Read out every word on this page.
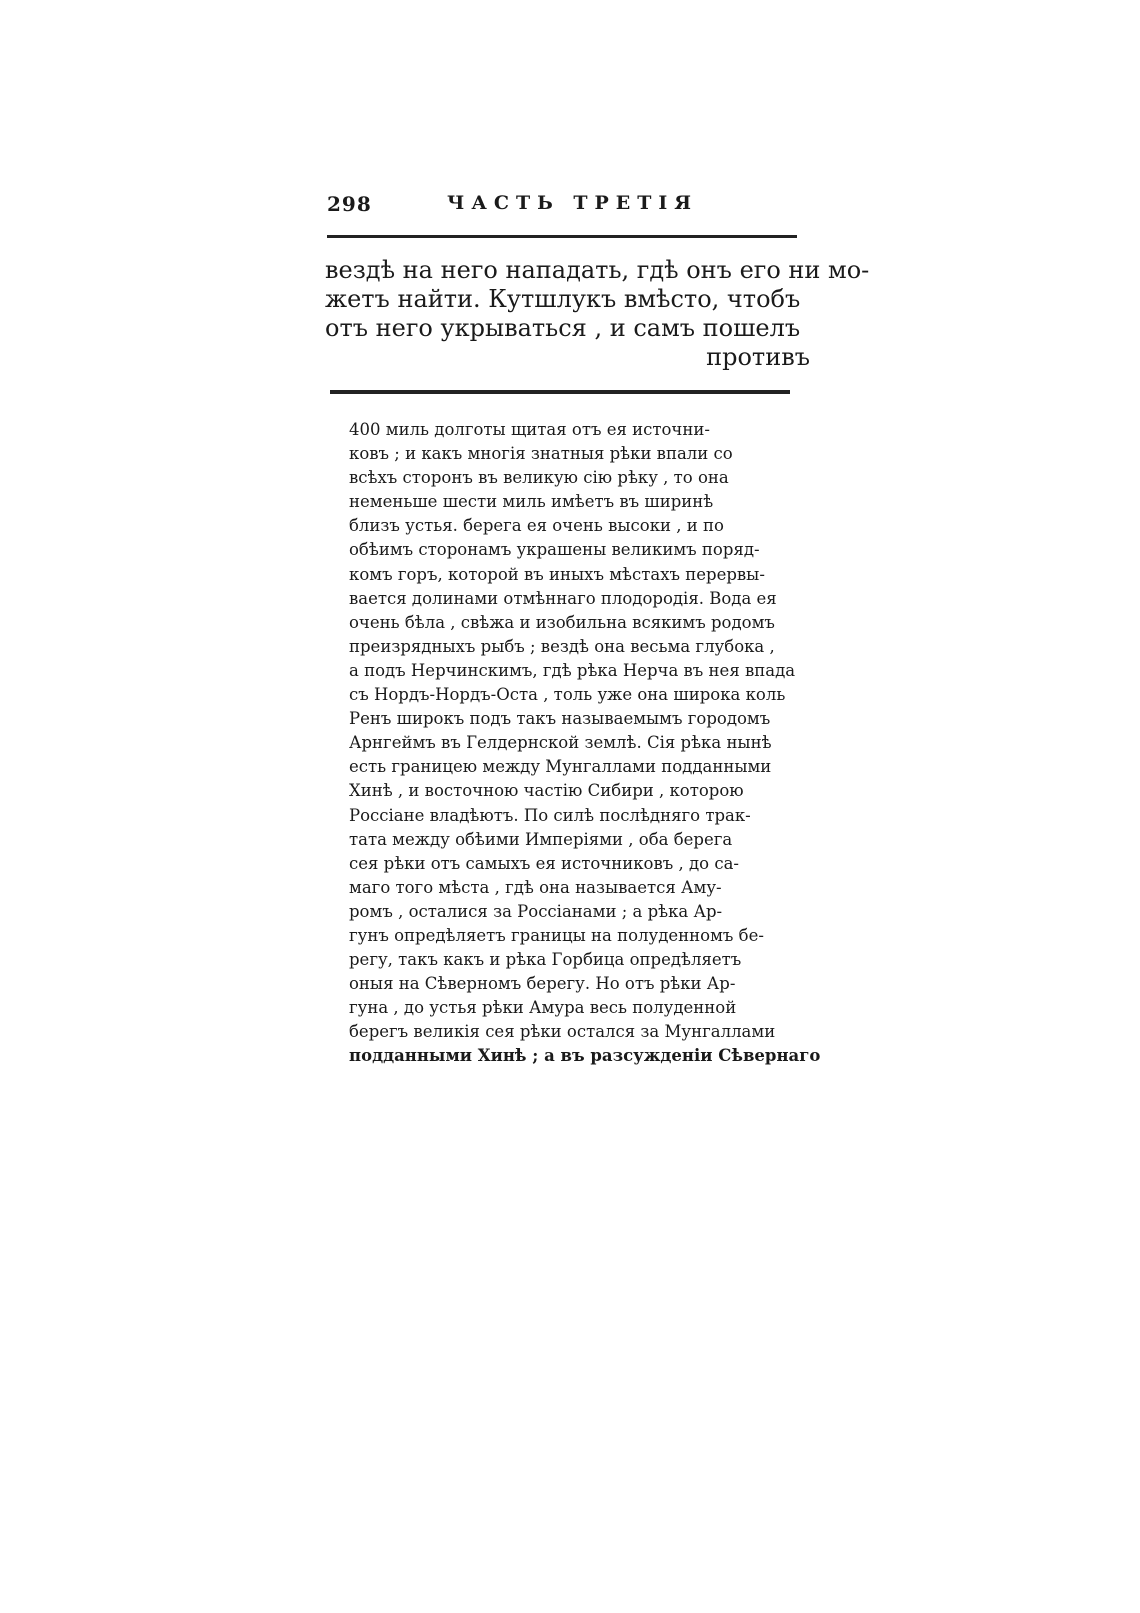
298	ЧАСТЬ ТРЕТІЯ
вездѣ на него нападать, гдѣ онъ его ни мо-
жетъ найти. Кутшлукъ вмѣсто, чтобъ
отъ него укрываться , и самъ пошелъ
противъ
400 миль долготы щитая отъ ея источни-
ковъ ; и какъ многія знатныя рѣки впали со
всѣхъ сторонъ въ великую сію рѣку , то она
неменьше шести миль имѣетъ въ ширинѣ
близъ устья. берега ея очень высоки , и по
обѣимъ сторонамъ украшены великимъ поряд-
комъ горъ, которой въ иныхъ мѣстахъ перервы-
вается долинами отмѣннаго плодородія. Вода ея
очень бѣла , свѣжа и изобильна всякимъ родомъ
преизрядныхъ рыбъ ; вездѣ она весьма глубока ,
а подъ Нерчинскимъ, гдѣ рѣка Нерча въ нея впада
съ Нордъ-Нордъ-Оста , толь уже она широка коль
Ренъ широкъ подъ такъ называемымъ городомъ
Арнгеймъ въ Гелдернской землѣ. Сія рѣка нынѣ
есть границею между Мунгаллами подданными
Хинѣ , и восточною частію Сибири , которою
Россіане владѣютъ. По силѣ послѣдняго трак-
тата между обѣими Имперіями , оба берега
сея рѣки отъ самыхъ ея источниковъ , до са-
маго того мѣста , гдѣ она называется Аму-
ромъ , осталися за Россіанами ; а рѣка Ар-
гунъ опредѣляетъ границы на полуденномъ бе-
регу, такъ какъ и рѣка Горбица опредѣляетъ
оныя на Сѣверномъ берегу. Но отъ рѣки Ар-
гуна , до устья рѣки Амура весь полуденной
берегъ великія сея рѣки остался за Мунгаллами
подданными Хинѣ ; а въ разсужденіи Сѣвернаго
